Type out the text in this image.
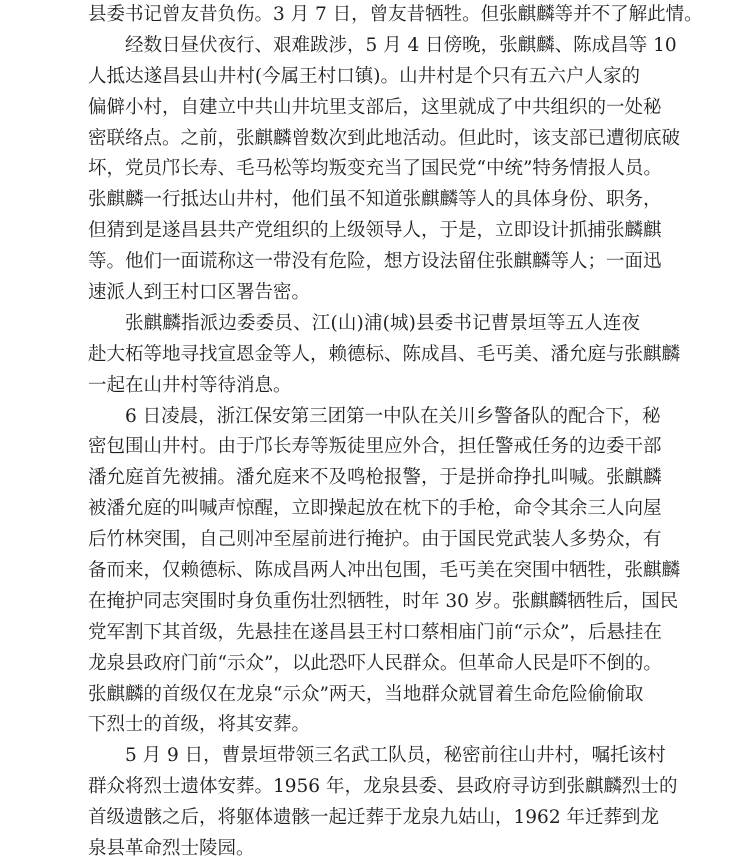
县委书记曾友昔负伤。3 月 7 日，曾友昔牺牲。但张麒麟等并不了解此情。
经数日昼伏夜行、艰难跋涉，5 月 4 日傍晚，张麒麟、陈成昌等 10
人抵达遂昌县山井村(今属王村口镇)。山井村是个只有五六户人家的
偏僻小村，自建立中共山井坑里支部后，这里就成了中共组织的一处秘
密联络点。之前，张麒麟曾数次到此地活动。但此时，该支部已遭彻底破
坏，党员邝长寿、毛马松等均叛变充当了国民党“中统”特务情报人员。
张麒麟一行抵达山井村，他们虽不知道张麒麟等人的具体身份、职务，
但猜到是遂昌县共产党组织的上级领导人，于是，立即设计抓捕张麟麒
等。他们一面谎称这一带没有危险，想方设法留住张麒麟等人；一面迅
速派人到王村口区署告密。
张麒麟指派边委委员、江(山)浦(城)县委书记曹景垣等五人连夜
赴大柘等地寻找宣恩金等人，赖德标、陈成昌、毛丐美、潘允庭与张麒麟
一起在山井村等待消息。
6 日凌晨，浙江保安第三团第一中队在关川乡警备队的配合下，秘
密包围山井村。由于邝长寿等叛徒里应外合，担任警戒任务的边委干部
潘允庭首先被捕。潘允庭来不及鸣枪报警，于是拼命挣扎叫喊。张麒麟
被潘允庭的叫喊声惊醒，立即操起放在枕下的手枪，命令其余三人向屋
后竹林突围，自己则冲至屋前进行掩护。由于国民党武装人多势众，有
备而来，仅赖德标、陈成昌两人冲出包围，毛丐美在突围中牺牲，张麒麟
在掩护同志突围时身负重伤壮烈牺牲，时年 30 岁。张麒麟牺牲后，国民
党军割下其首级，先悬挂在遂昌县王村口蔡相庙门前“示众”，后悬挂在
龙泉县政府门前“示众”，以此恐吓人民群众。但革命人民是吓不倒的。
张麒麟的首级仅在龙泉“示众”两天，当地群众就冒着生命危险偷偷取
下烈士的首级，将其安葬。
5 月 9 日，曹景垣带领三名武工队员，秘密前往山井村，嘱托该村
群众将烈士遗体安葬。1956 年，龙泉县委、县政府寻访到张麒麟烈士的
首级遗骸之后，将躯体遗骸一起迁葬于龙泉九姑山，1962 年迁葬到龙
泉县革命烈士陵园。
